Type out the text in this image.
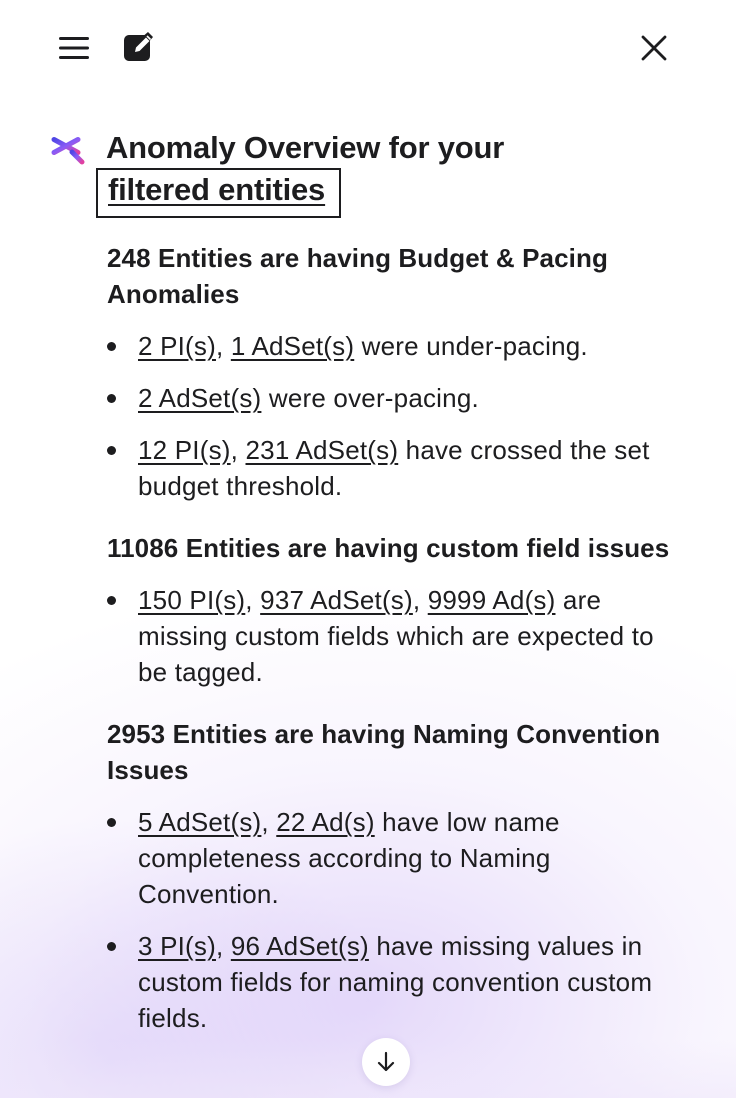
Anomaly Overview for your
filtered entities
248 Entities are having Budget & Pacing Anomalies
2 PI(s), 1 AdSet(s) were under-pacing.
2 AdSet(s) were over-pacing.
12 PI(s), 231 AdSet(s) have crossed the set budget threshold.
11086 Entities are having custom field issues
150 PI(s), 937 AdSet(s), 9999 Ad(s) are missing custom fields which are expected to be tagged.
2953 Entities are having Naming Convention Issues
5 AdSet(s), 22 Ad(s) have low name completeness according to Naming Convention.
3 PI(s), 96 AdSet(s) have missing values in custom fields for naming convention custom fields.
